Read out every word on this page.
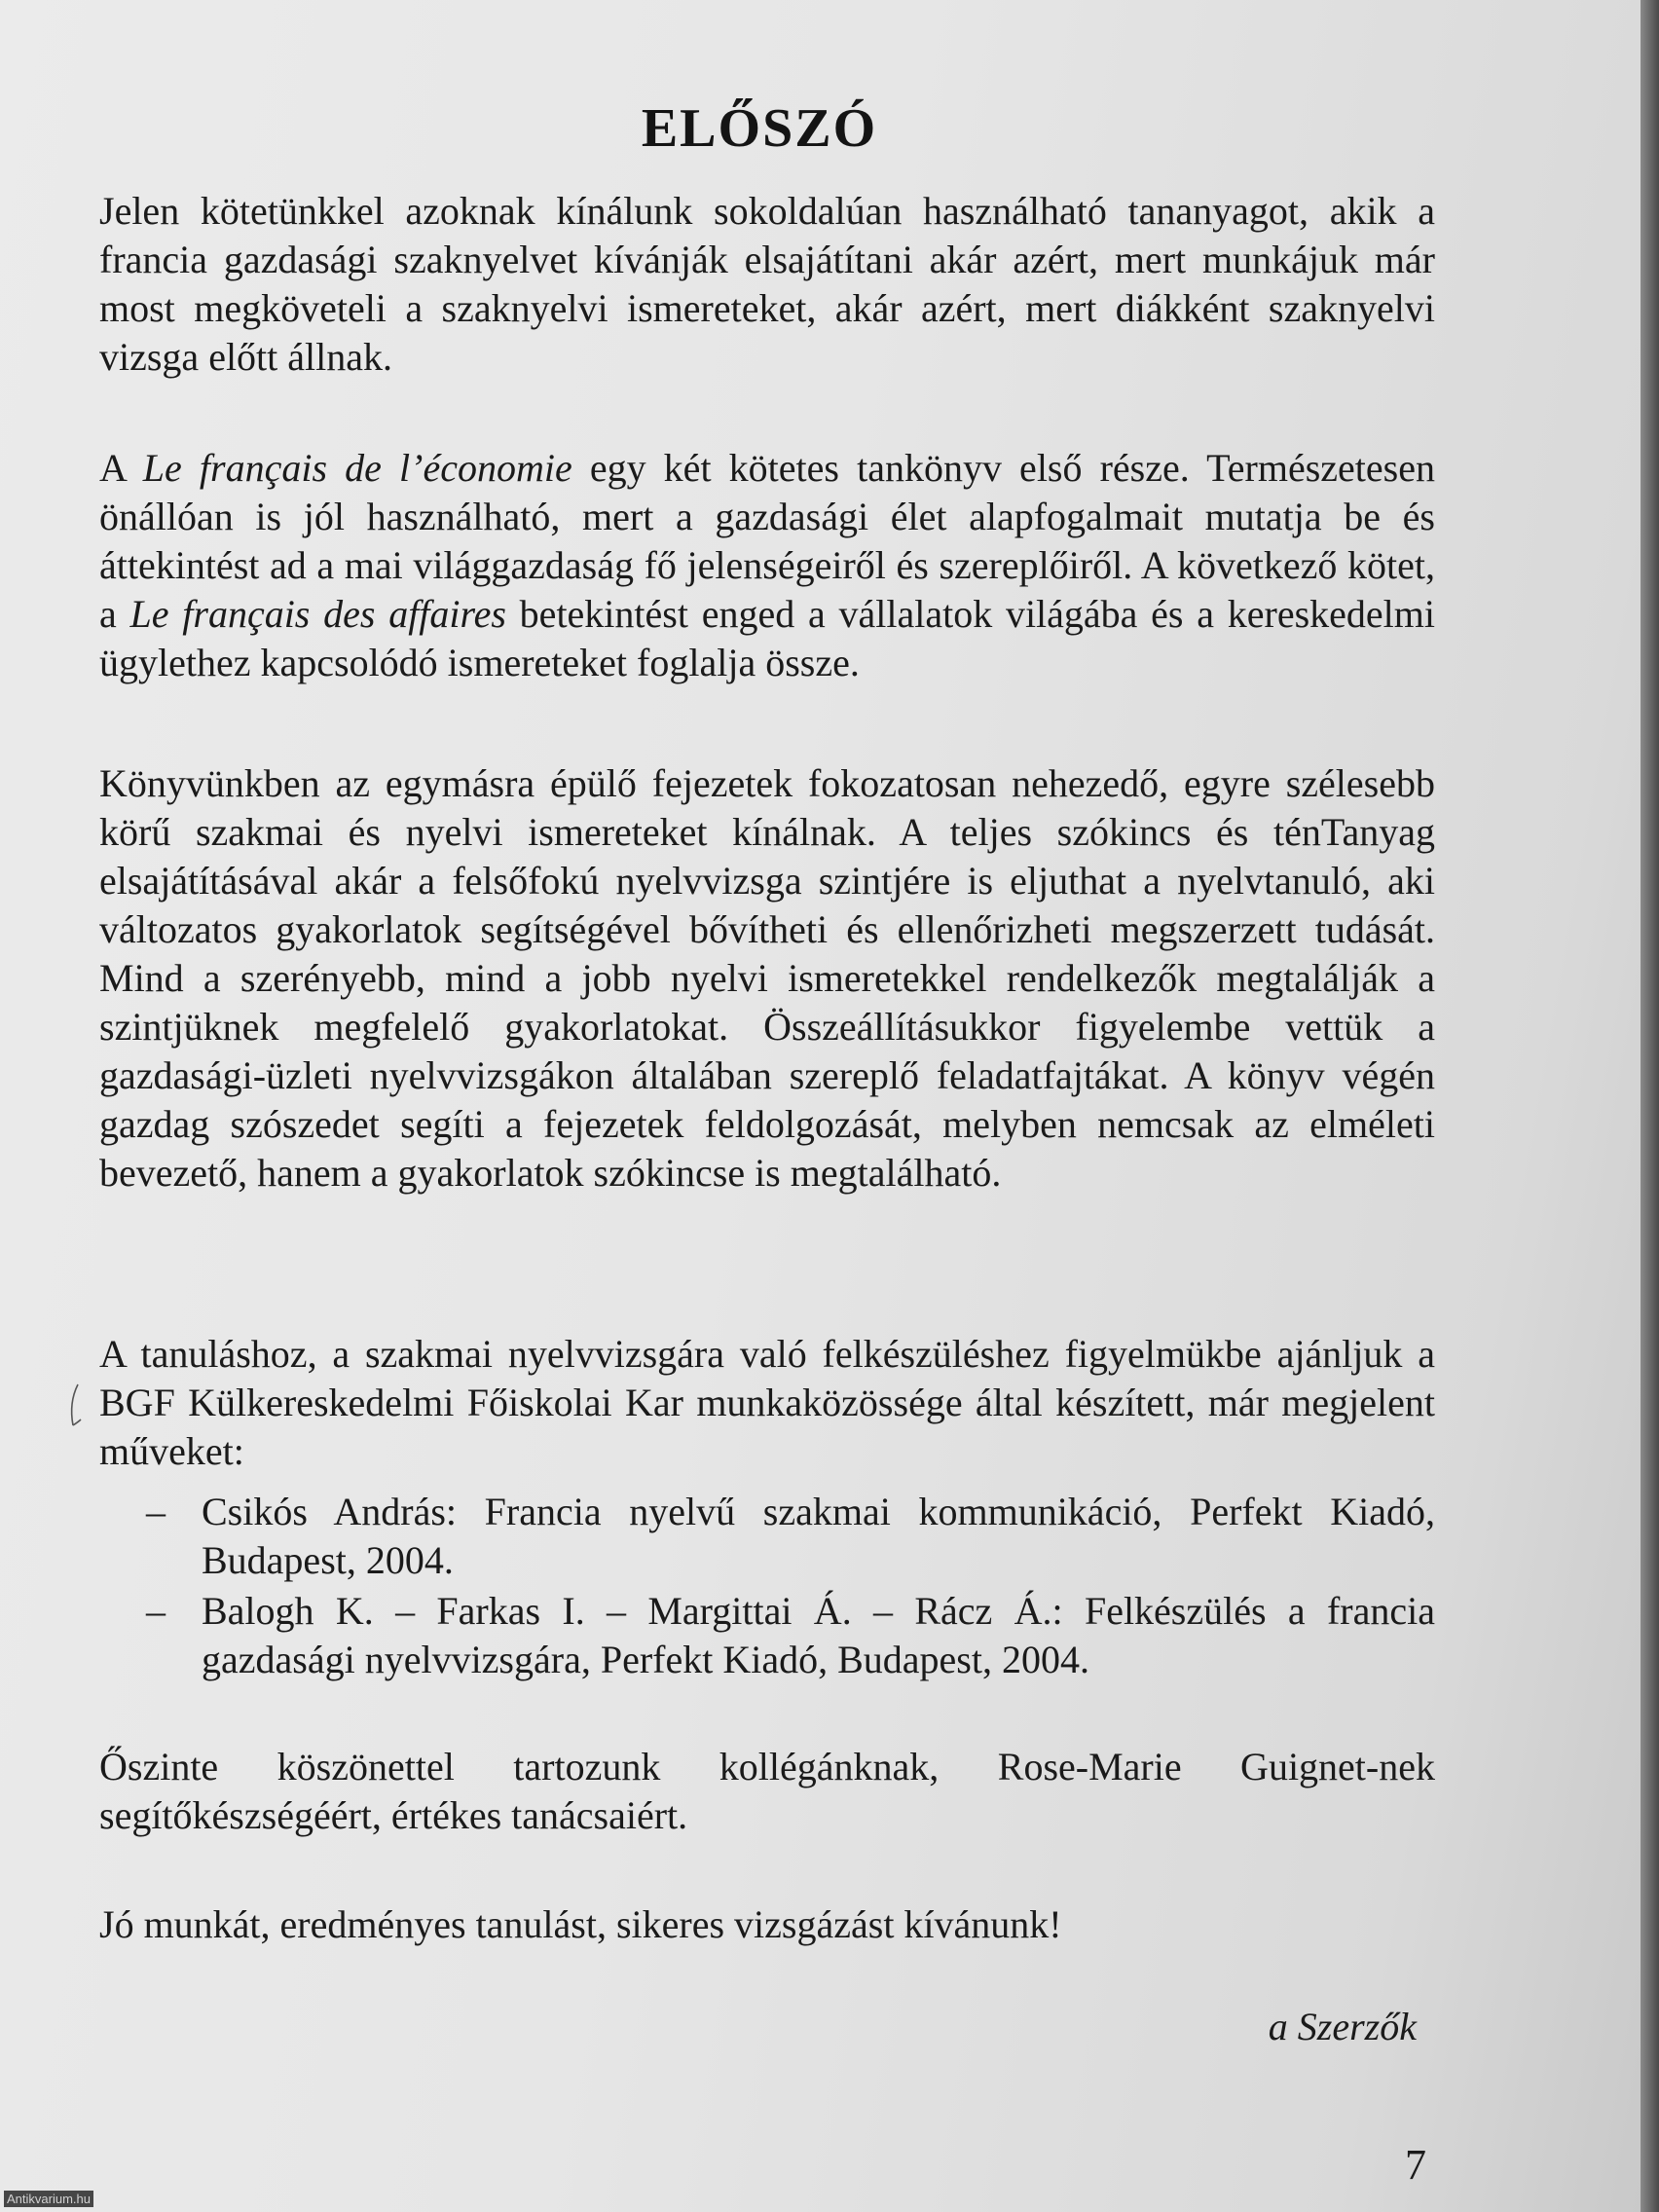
ELŐSZÓ

Jelen kötetünkkel azoknak kínálunk sokoldalúan használható tananyagot, akik a francia gazdasági szaknyelvet kívánják elsajátítani akár azért, mert munkájuk már most megköveteli a szaknyelvi ismereteket, akár azért, mert diákként szaknyelvi vizsga előtt állnak.

A Le français de l’économie egy két kötetes tankönyv első része. Természetesen önállóan is jól használható, mert a gazdasági élet alapfogalmait mutatja be és áttekintést ad a mai világgazdaság fő jelenségeiről és szereplőiről. A következő kötet, a Le français des affaires betekintést enged a vállalatok világába és a kereskedelmi ügylethez kapcsolódó ismereteket foglalja össze.

Könyvünkben az egymásra épülő fejezetek fokozatosan nehezedő, egyre szélesebb körű szakmai és nyelvi ismereteket kínálnak. A teljes szókincs és ténTanyag elsajátításával akár a felsőfokú nyelvvizsga szintjére is eljuthat a nyelvtanuló, aki változatos gyakorlatok segítségével bővítheti és ellenőrizheti megszerzett tudását. Mind a szerényebb, mind a jobb nyelvi ismeretekkel rendelkezők megtalálják a szintjüknek megfelelő gyakorlatokat. Összeállításukkor figyelembe vettük a gazdasági-üzleti nyelvvizsgákon általában szereplő feladatfajtákat. A könyv végén gazdag szószedet segíti a fejezetek feldolgozását, melyben nemcsak az elméleti bevezető, hanem a gyakorlatok szókincse is megtalálható.

A tanuláshoz, a szakmai nyelvvizsgára való felkészüléshez figyelmükbe ajánljuk a BGF Külkereskedelmi Főiskolai Kar munkaközössége által készített, már megjelent műveket:

– Csikós András: Francia nyelvű szakmai kommunikáció, Perfekt Kiadó, Budapest, 2004.
– Balogh K. – Farkas I. – Margittai Á. – Rácz Á.: Felkészülés a francia gazdasági nyelvvizsgára, Perfekt Kiadó, Budapest, 2004.

Őszinte köszönettel tartozunk kollégánknak, Rose-Marie Guignet-nek segítőkészségéért, értékes tanácsaiért.

Jó munkát, eredményes tanulást, sikeres vizsgázást kívánunk!

a Szerzők
7
Antikvarium.hu
